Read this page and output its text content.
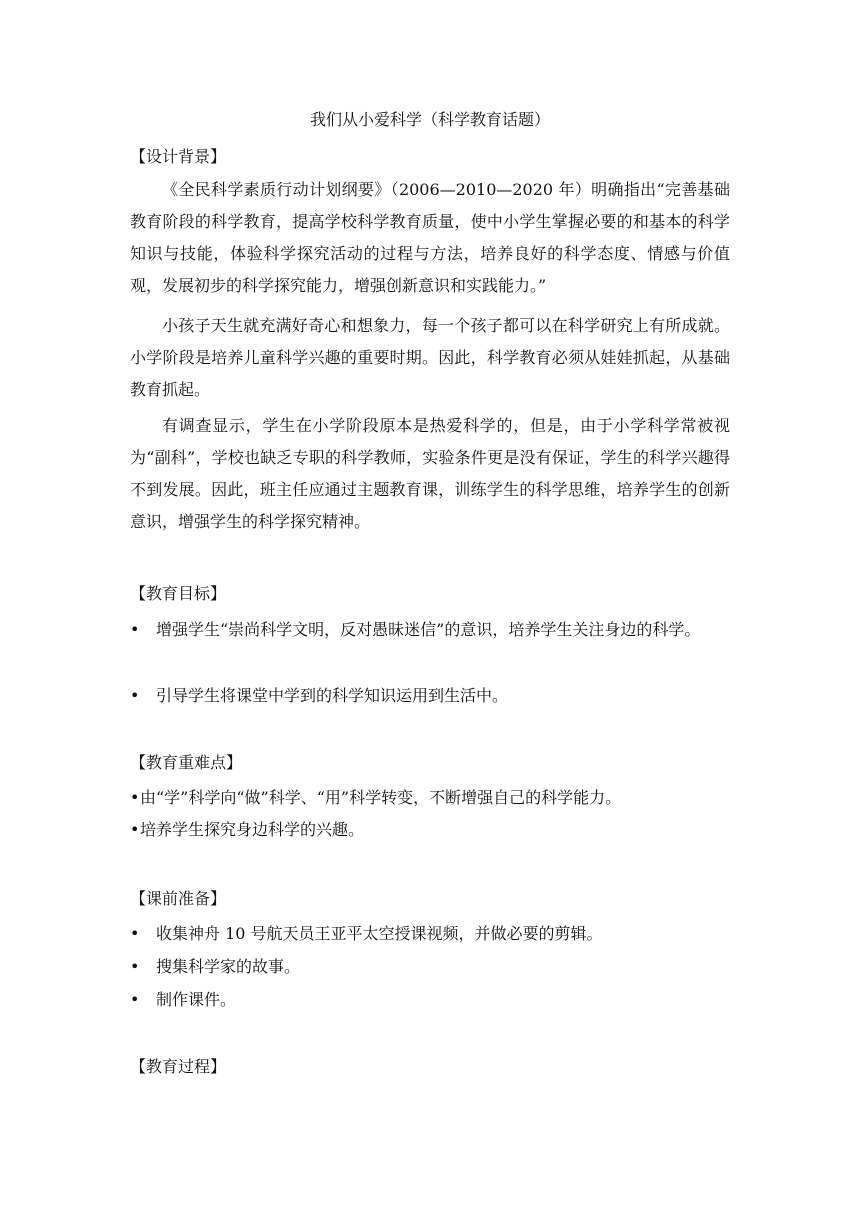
我们从小爱科学（科学教育话题）
【设计背景】

《全民科学素质行动计划纲要》（2006—2010—2020 年）明确指出“完善基础教育阶段的科学教育，提高学校科学教育质量，使中小学生掌握必要的和基本的科学知识与技能，体验科学探究活动的过程与方法，培养良好的科学态度、情感与价值观，发展初步的科学探究能力，增强创新意识和实践能力。”

小孩子天生就充满好奇心和想象力，每一个孩子都可以在科学研究上有所成就。小学阶段是培养儿童科学兴趣的重要时期。因此，科学教育必须从娃娃抓起，从基础教育抓起。

有调查显示，学生在小学阶段原本是热爱科学的，但是，由于小学科学常被视为“副科”，学校也缺乏专职的科学教师，实验条件更是没有保证，学生的科学兴趣得不到发展。因此，班主任应通过主题教育课，训练学生的科学思维，培养学生的创新意识，增强学生的科学探究精神。

【教育目标】

• 增强学生“崇尚科学文明，反对愚昧迷信”的意识，培养学生关注身边的科学。

• 引导学生将课堂中学到的科学知识运用到生活中。

【教育重难点】

•由“学”科学向“做”科学、“用”科学转变，不断增强自己的科学能力。

•培养学生探究身边科学的兴趣。

【课前准备】

• 收集神舟 10 号航天员王亚平太空授课视频，并做必要的剪辑。

• 搜集科学家的故事。

• 制作课件。

【教育过程】
